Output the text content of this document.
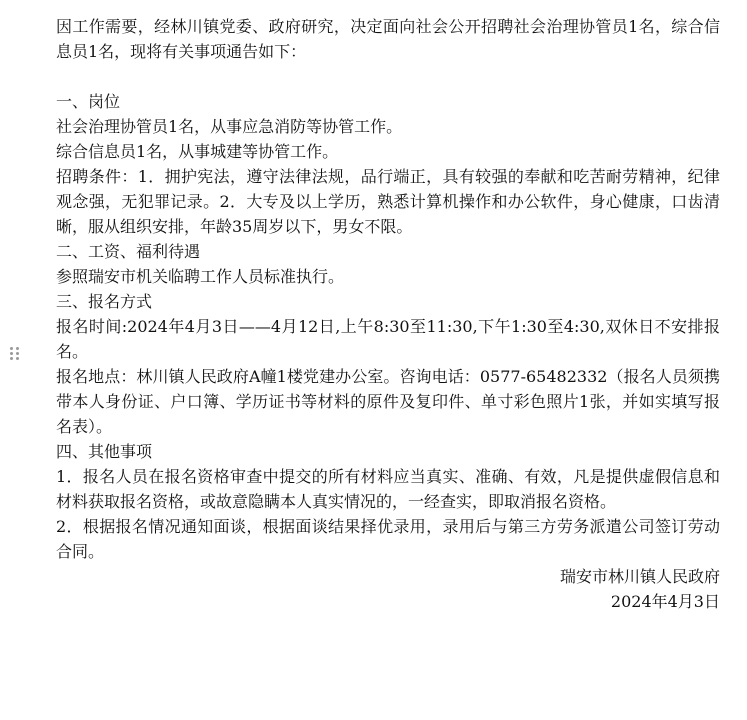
因工作需要，经林川镇党委、政府研究，决定面向社会公开招聘社会治理协管员1名，综合信息员1名，现将有关事项通告如下：

一、岗位

社会治理协管员1名，从事应急消防等协管工作。

综合信息员1名，从事城建等协管工作。

招聘条件：1．拥护宪法，遵守法律法规，品行端正，具有较强的奉献和吃苦耐劳精神，纪律观念强，无犯罪记录。2．大专及以上学历，熟悉计算机操作和办公软件，身心健康，口齿清晰，服从组织安排，年龄35周岁以下，男女不限。

二、工资、福利待遇

参照瑞安市机关临聘工作人员标准执行。

三、报名方式

报名时间:2024年4月3日——4月12日,上午8:30至11:30,下午1:30至4:30,双休日不安排报名。

报名地点：林川镇人民政府A幢1楼党建办公室。咨询电话：0577-65482332（报名人员须携带本人身份证、户口簿、学历证书等材料的原件及复印件、单寸彩色照片1张，并如实填写报名表）。

四、其他事项

1．报名人员在报名资格审查中提交的所有材料应当真实、准确、有效，凡是提供虚假信息和材料获取报名资格，或故意隐瞒本人真实情况的，一经查实，即取消报名资格。

2．根据报名情况通知面谈，根据面谈结果择优录用，录用后与第三方劳务派遣公司签订劳动合同。

瑞安市林川镇人民政府

2024年4月3日
